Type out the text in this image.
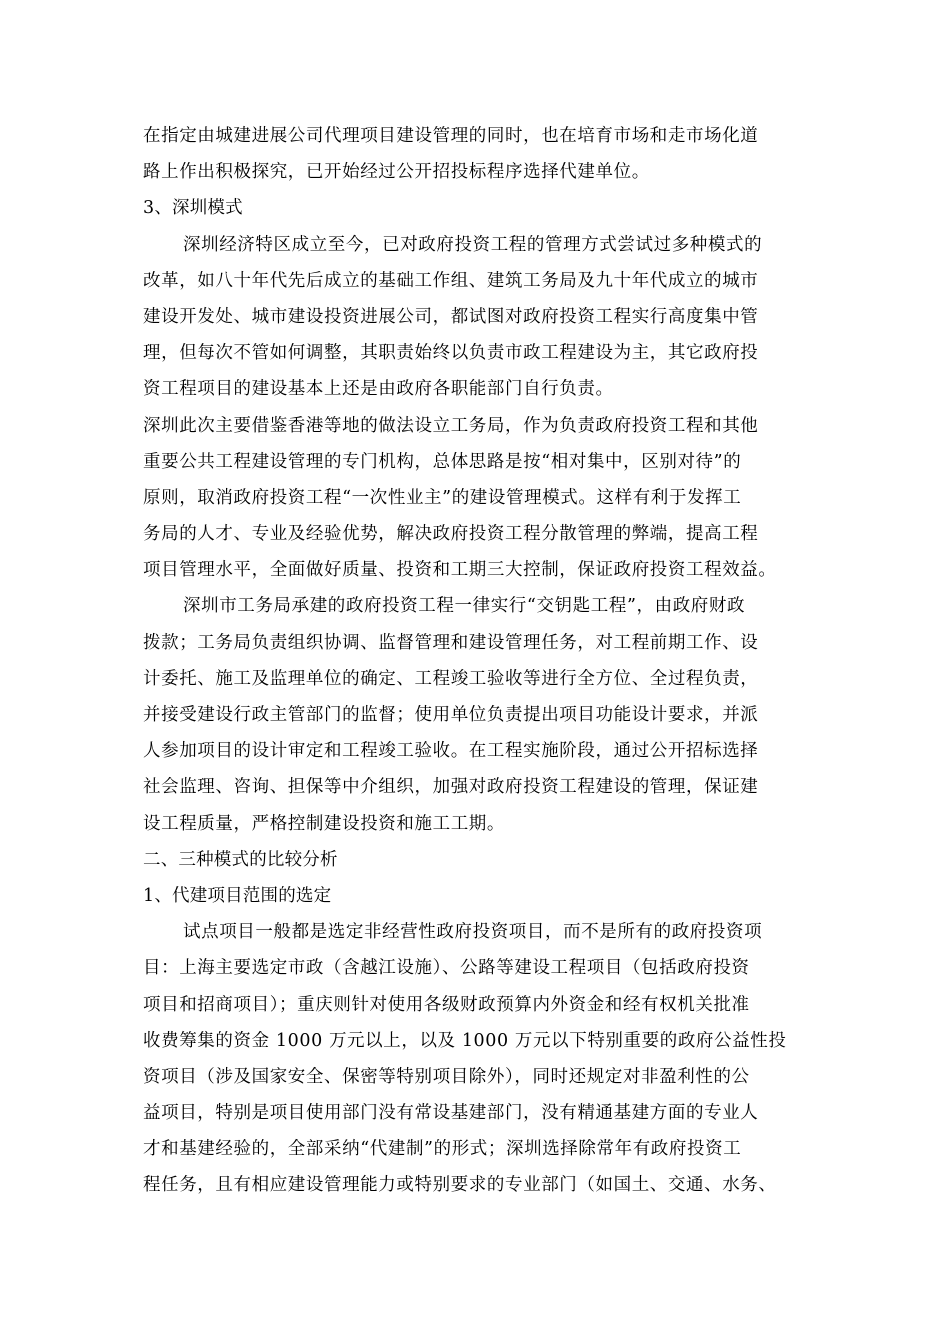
在指定由城建进展公司代理项目建设管理的同时，也在培育市场和走市场化道
路上作出积极探究，已开始经过公开招投标程序选择代建单位。
3、深圳模式
深圳经济特区成立至今，已对政府投资工程的管理方式尝试过多种模式的
改革，如八十年代先后成立的基础工作组、建筑工务局及九十年代成立的城市
建设开发处、城市建设投资进展公司，都试图对政府投资工程实行高度集中管
理，但每次不管如何调整，其职责始终以负责市政工程建设为主，其它政府投
资工程项目的建设基本上还是由政府各职能部门自行负责。
深圳此次主要借鉴香港等地的做法设立工务局，作为负责政府投资工程和其他
重要公共工程建设管理的专门机构，总体思路是按“相对集中，区别对待”的
原则，取消政府投资工程“一次性业主”的建设管理模式。这样有利于发挥工
务局的人才、专业及经验优势，解决政府投资工程分散管理的弊端，提高工程
项目管理水平，全面做好质量、投资和工期三大控制，保证政府投资工程效益。
深圳市工务局承建的政府投资工程一律实行“交钥匙工程”，由政府财政
拨款；工务局负责组织协调、监督管理和建设管理任务，对工程前期工作、设
计委托、施工及监理单位的确定、工程竣工验收等进行全方位、全过程负责，
并接受建设行政主管部门的监督；使用单位负责提出项目功能设计要求，并派
人参加项目的设计审定和工程竣工验收。在工程实施阶段，通过公开招标选择
社会监理、咨询、担保等中介组织，加强对政府投资工程建设的管理，保证建
设工程质量，严格控制建设投资和施工工期。
二、三种模式的比较分析
1、代建项目范围的选定
试点项目一般都是选定非经营性政府投资项目，而不是所有的政府投资项
目：上海主要选定市政（含越江设施）、公路等建设工程项目（包括政府投资
项目和招商项目）；重庆则针对使用各级财政预算内外资金和经有权机关批准
收费筹集的资金 1000 万元以上，以及 1000 万元以下特别重要的政府公益性投
资项目（涉及国家安全、保密等特别项目除外），同时还规定对非盈利性的公
益项目，特别是项目使用部门没有常设基建部门，没有精通基建方面的专业人
才和基建经验的，全部采纳“代建制”的形式；深圳选择除常年有政府投资工
程任务，且有相应建设管理能力或特别要求的专业部门（如国土、交通、水务、
